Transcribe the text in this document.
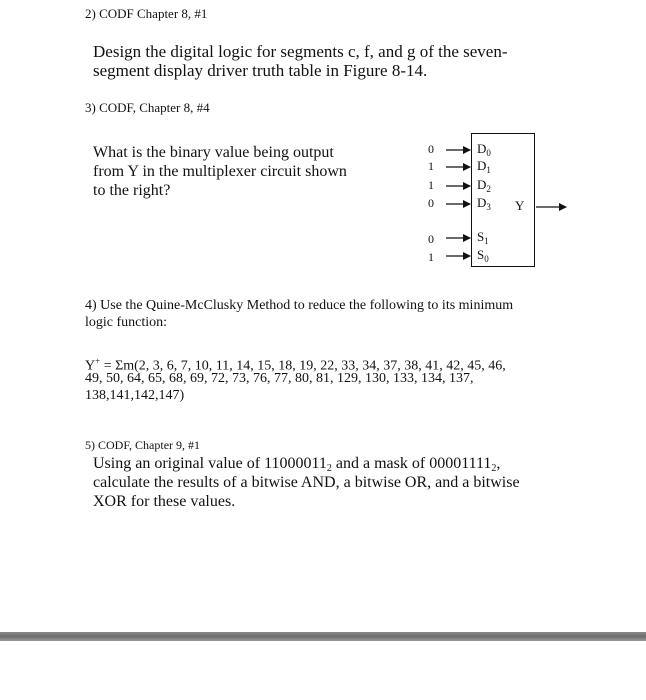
2) CODF Chapter 8, #1
Design the digital logic for segments c, f, and g of the seven-
segment display driver truth table in Figure 8-14.
3) CODF, Chapter 8, #4
What is the binary value being output
from Y in the multiplexer circuit shown
to the right?
0
1
1
0
0
1
$D_0$
$D_1$
$D_2$
$D_3$
$S_1$
$S_0$
Y
4) Use the Quine-McClusky Method to reduce the following to its minimum
logic function:
Y+ = Σm(2, 3, 6, 7, 10, 11, 14, 15, 18, 19, 22, 33, 34, 37, 38, 41, 42, 45, 46,
49, 50, 64, 65, 68, 69, 72, 73, 76, 77, 80, 81, 129, 130, 133, 134, 137,
138,141,142,147)
5) CODF, Chapter 9, #1
Using an original value of 110000112 and a mask of 000011112,
calculate the results of a bitwise AND, a bitwise OR, and a bitwise
XOR for these values.
